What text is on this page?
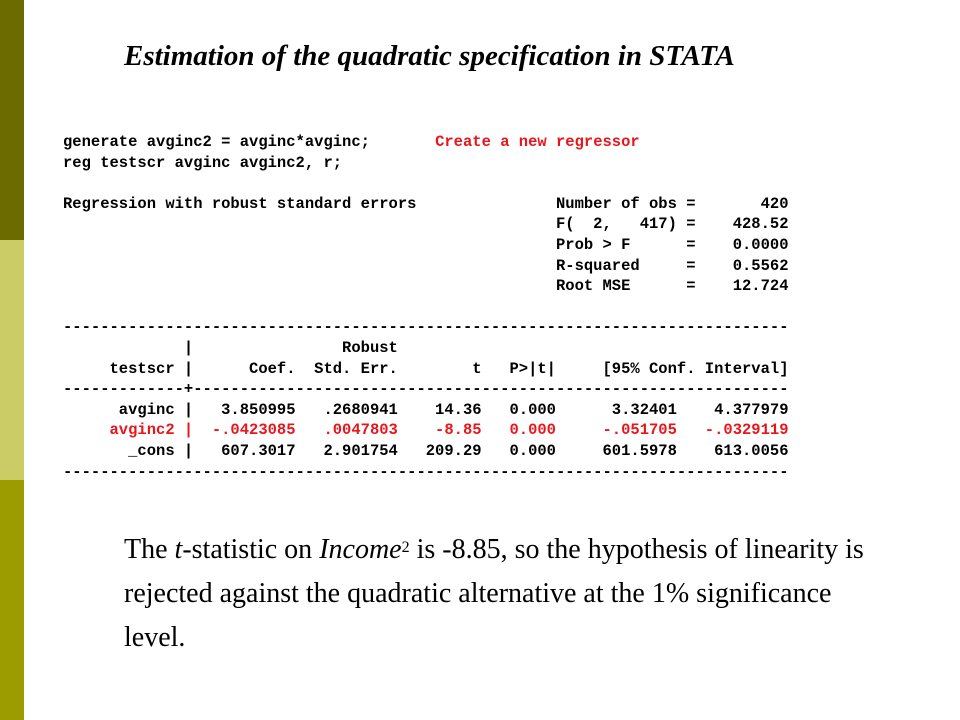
Estimation of the quadratic specification in STATA
generate avginc2 = avginc*avginc;	Create a new regressor
reg testscr avginc avginc2, r;

Regression with robust standard errors               Number of obs =       420
F(  2,   417) =    428.52
Prob > F      =    0.0000
R-squared     =    0.5562
Root MSE      =    12.724

------------------------------------------------------------------------------
|                Robust
testscr |      Coef.  Std. Err.        t   P>|t|     [95% Conf. Interval]
-------------+----------------------------------------------------------------
avginc |   3.850995   .2680941    14.36   0.000      3.32401    4.377979
avginc2 |  -.0423085   .0047803    -8.85   0.000     -.051705   -.0329119
_cons |   607.3017   2.901754   209.29   0.000     601.5978    613.0056
------------------------------------------------------------------------------
The t-statistic on Income$^2$ is -8.85, so the hypothesis of linearity is rejected against the quadratic alternative at the 1% significance level.
